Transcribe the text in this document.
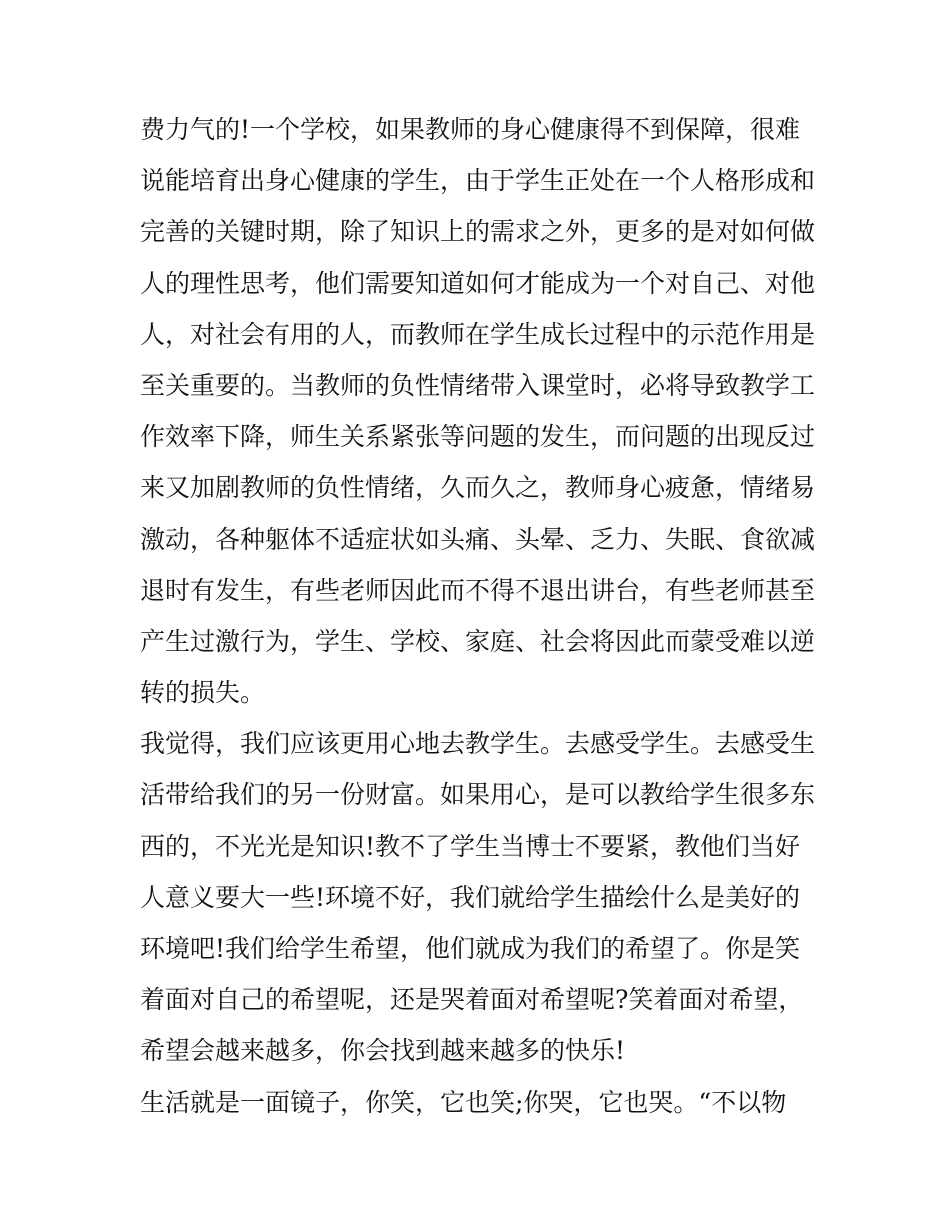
费力气的!一个学校，如果教师的身心健康得不到保障，很难
说能培育出身心健康的学生，由于学生正处在一个人格形成和
完善的关键时期，除了知识上的需求之外，更多的是对如何做
人的理性思考，他们需要知道如何才能成为一个对自己、对他
人，对社会有用的人，而教师在学生成长过程中的示范作用是
至关重要的。当教师的负性情绪带入课堂时，必将导致教学工
作效率下降，师生关系紧张等问题的发生，而问题的出现反过
来又加剧教师的负性情绪，久而久之，教师身心疲惫，情绪易
激动，各种躯体不适症状如头痛、头晕、乏力、失眠、食欲减
退时有发生，有些老师因此而不得不退出讲台，有些老师甚至
产生过激行为，学生、学校、家庭、社会将因此而蒙受难以逆
转的损失。
我觉得，我们应该更用心地去教学生。去感受学生。去感受生
活带给我们的另一份财富。如果用心，是可以教给学生很多东
西的，不光光是知识!教不了学生当博士不要紧，教他们当好
人意义要大一些!环境不好，我们就给学生描绘什么是美好的
环境吧!我们给学生希望，他们就成为我们的希望了。你是笑
着面对自己的希望呢，还是哭着面对希望呢?笑着面对希望，
希望会越来越多，你会找到越来越多的快乐!
生活就是一面镜子，你笑，它也笑;你哭，它也哭。“不以物
